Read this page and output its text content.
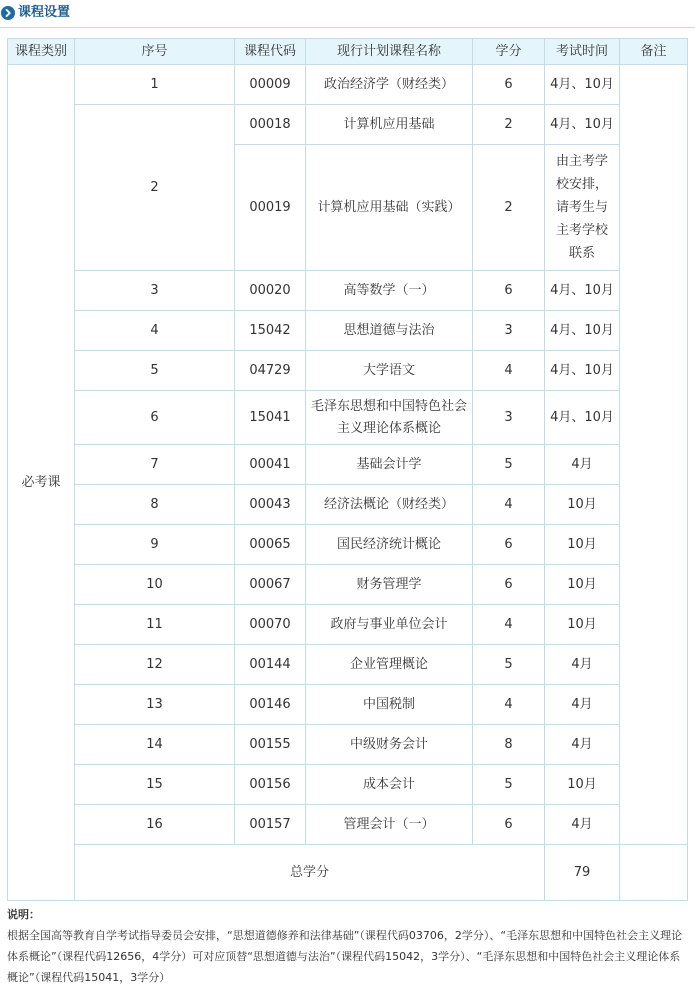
课程设置
课程类别	序号	课程代码	现行计划课程名称	学分	考试时间	备注	
必考课	1	00009	政治经济学（财经类）	6	4月、10月		
	2	00018	计算机应用基础	2	4月、10月		
		00019	计算机应用基础（实践）	2	由主考学校安排，请考生与主考学校联系		
	3	00020	高等数学（一）	6	4月、10月		
	4	15042	思想道德与法治	3	4月、10月		
	5	04729	大学语文	4	4月、10月		
	6	15041	毛泽东思想和中国特色社会主义理论体系概论	3	4月、10月		
	7	00041	基础会计学	5	4月		
	8	00043	经济法概论（财经类）	4	10月		
	9	00065	国民经济统计概论	6	10月		
	10	00067	财务管理学	6	10月		
	11	00070	政府与事业单位会计	4	10月		
	12	00144	企业管理概论	5	4月		
	13	00146	中国税制	4	4月		
	14	00155	中级财务会计	8	4月		
	15	00156	成本会计	5	10月		
	16	00157	管理会计（一）	6	4月		
	总学分				79		
说明：
根据全国高等教育自学考试指导委员会安排，“思想道德修养和法律基础”（课程代码03706，2学分）、“毛泽东思想和中国特色社会主义理论体系概论”（课程代码12656，4学分）可对应顶替“思想道德与法治”（课程代码15042，3学分）、“毛泽东思想和中国特色社会主义理论体系概论”（课程代码15041，3学分）
